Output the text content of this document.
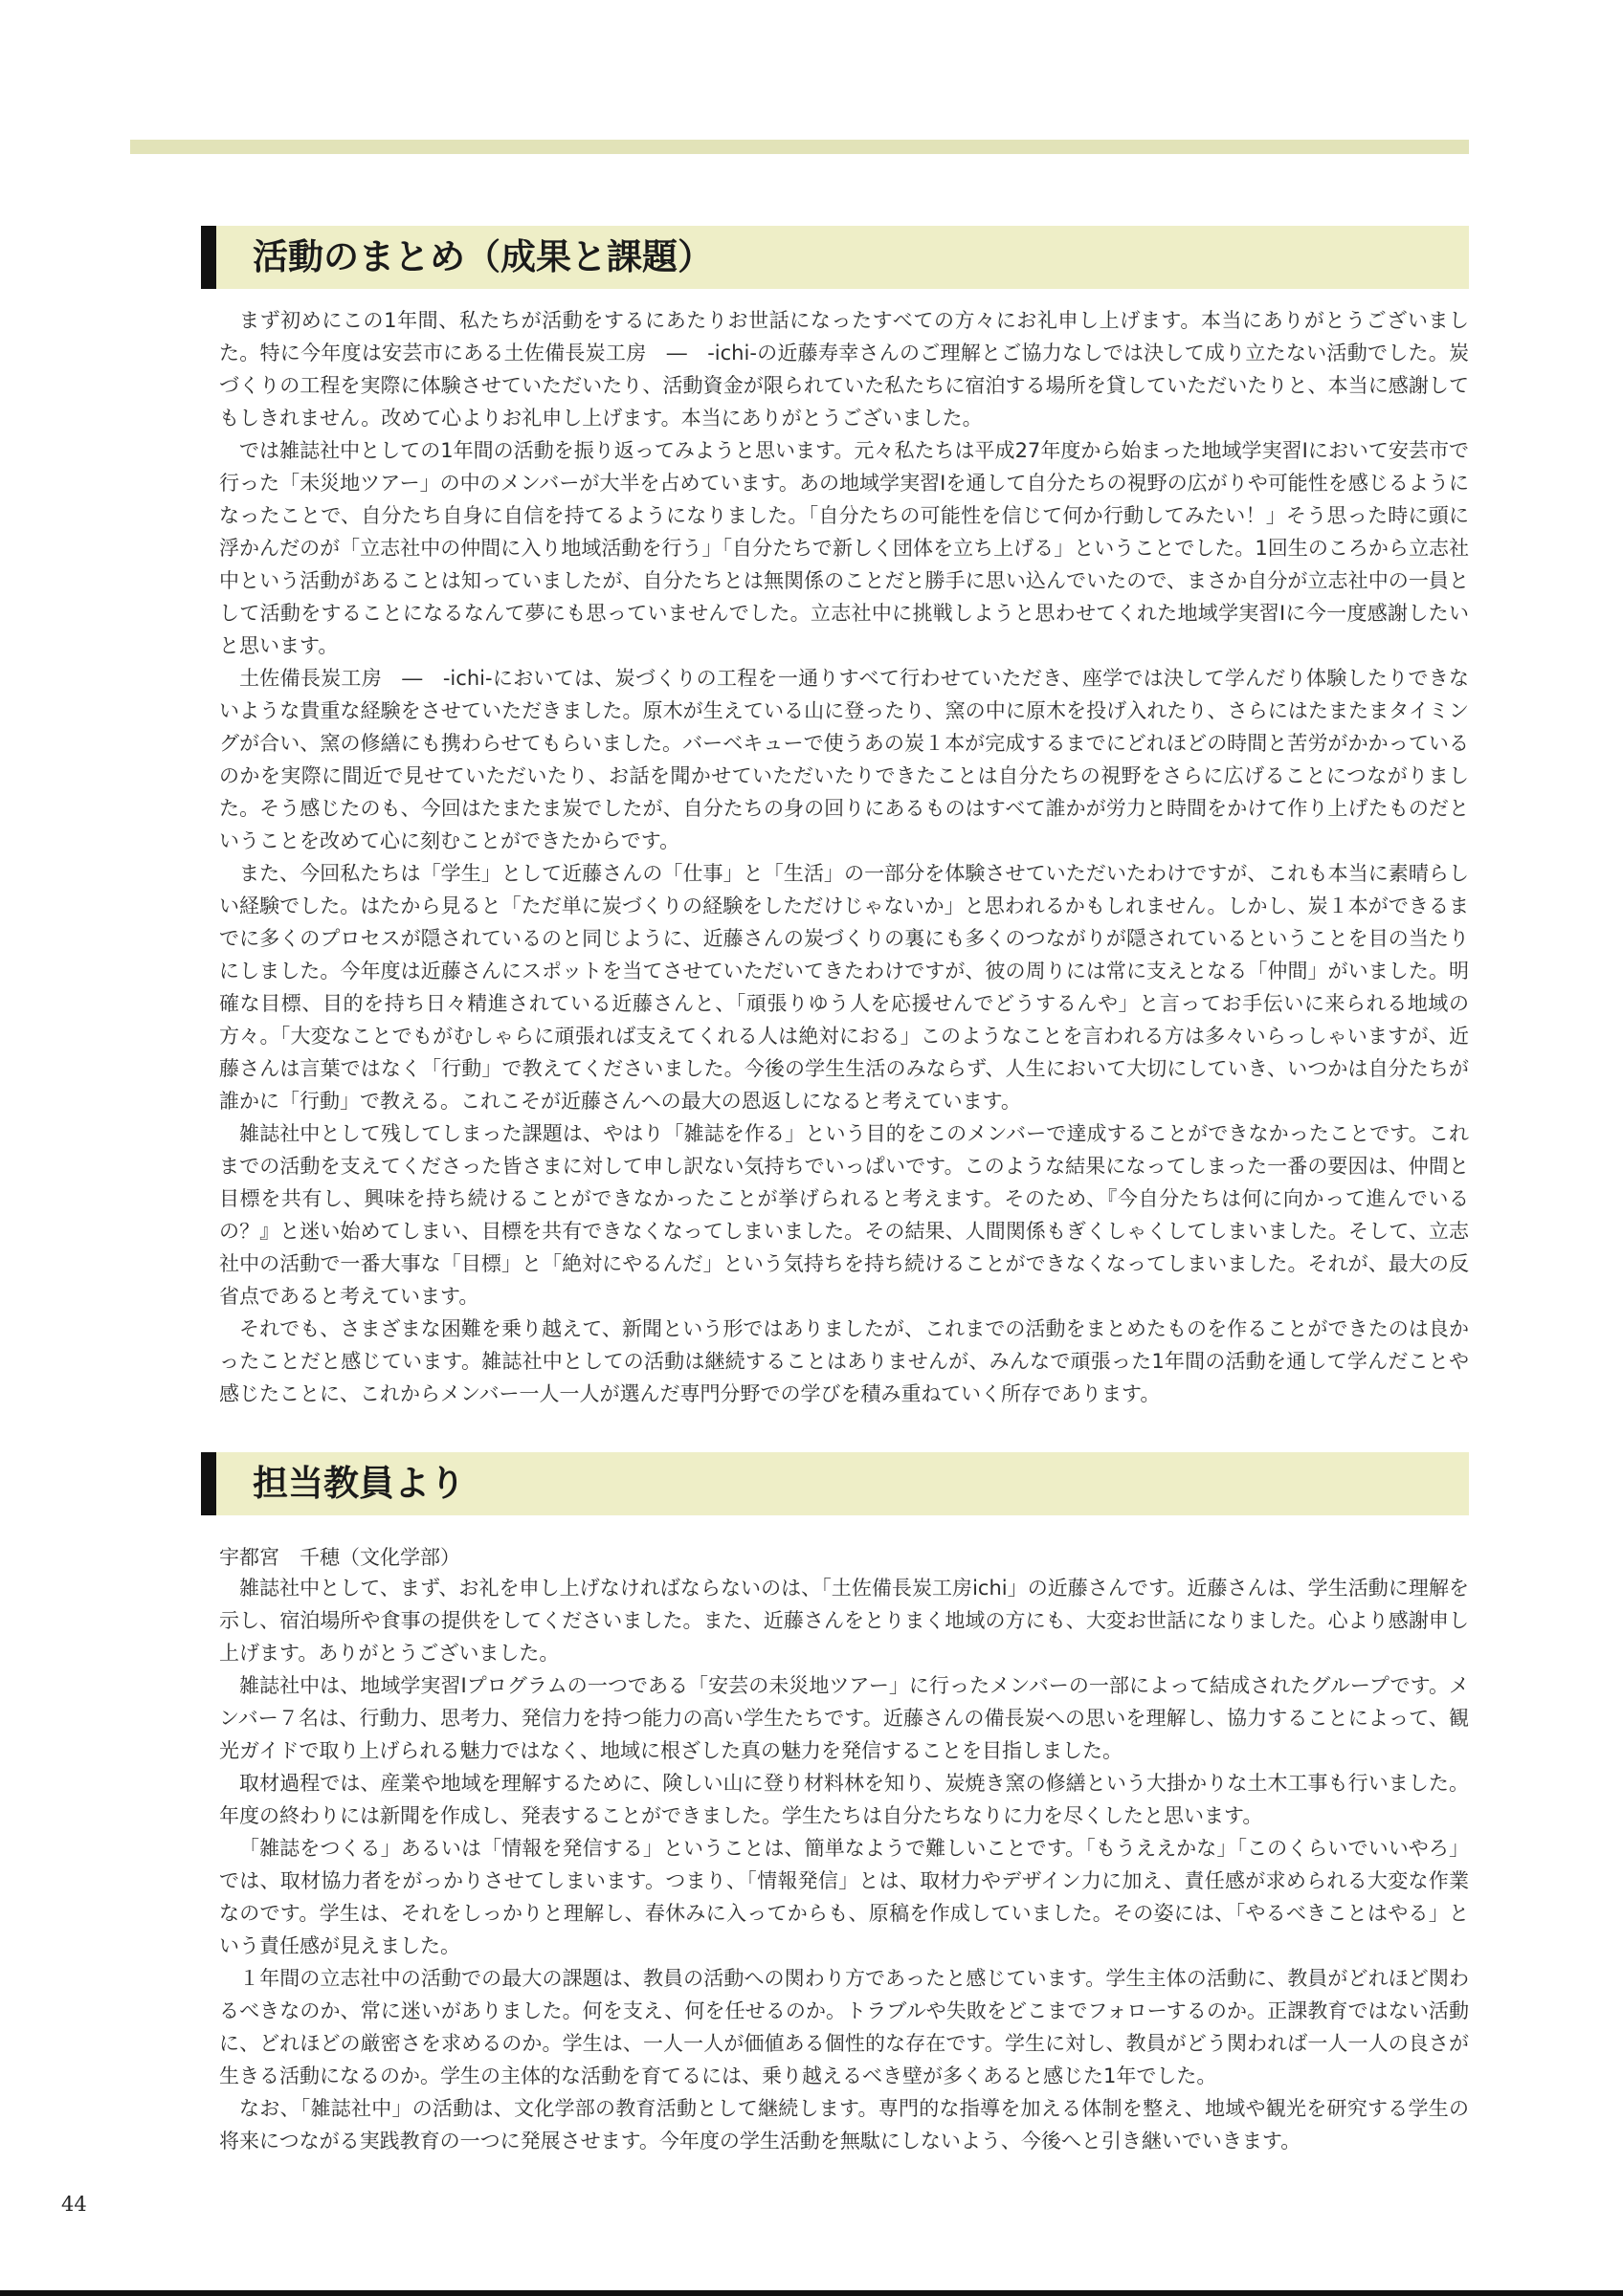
活動のまとめ（成果と課題）

まず初めにこの1年間、私たちが活動をするにあたりお世話になったすべての方々にお礼申し上げます。本当にありがとうございました。特に今年度は安芸市にある土佐備長炭工房　―　-ichi-の近藤寿幸さんのご理解とご協力なしでは決して成り立たない活動でした。炭づくりの工程を実際に体験させていただいたり、活動資金が限られていた私たちに宿泊する場所を貸していただいたりと、本当に感謝してもしきれません。改めて心よりお礼申し上げます。本当にありがとうございました。

では雑誌社中としての1年間の活動を振り返ってみようと思います。元々私たちは平成27年度から始まった地域学実習Ⅰにおいて安芸市で行った「未災地ツアー」の中のメンバーが大半を占めています。あの地域学実習Ⅰを通して自分たちの視野の広がりや可能性を感じるようになったことで、自分たち自身に自信を持てるようになりました。「自分たちの可能性を信じて何か行動してみたい！」そう思った時に頭に浮かんだのが「立志社中の仲間に入り地域活動を行う」「自分たちで新しく団体を立ち上げる」ということでした。1回生のころから立志社中という活動があることは知っていましたが、自分たちとは無関係のことだと勝手に思い込んでいたので、まさか自分が立志社中の一員として活動をすることになるなんて夢にも思っていませんでした。立志社中に挑戦しようと思わせてくれた地域学実習Ⅰに今一度感謝したいと思います。

土佐備長炭工房　―　-ichi-においては、炭づくりの工程を一通りすべて行わせていただき、座学では決して学んだり体験したりできないような貴重な経験をさせていただきました。原木が生えている山に登ったり、窯の中に原木を投げ入れたり、さらにはたまたまタイミングが合い、窯の修繕にも携わらせてもらいました。バーベキューで使うあの炭１本が完成するまでにどれほどの時間と苦労がかかっているのかを実際に間近で見せていただいたり、お話を聞かせていただいたりできたことは自分たちの視野をさらに広げることにつながりました。そう感じたのも、今回はたまたま炭でしたが、自分たちの身の回りにあるものはすべて誰かが労力と時間をかけて作り上げたものだということを改めて心に刻むことができたからです。

また、今回私たちは「学生」として近藤さんの「仕事」と「生活」の一部分を体験させていただいたわけですが、これも本当に素晴らしい経験でした。はたから見ると「ただ単に炭づくりの経験をしただけじゃないか」と思われるかもしれません。しかし、炭１本ができるまでに多くのプロセスが隠されているのと同じように、近藤さんの炭づくりの裏にも多くのつながりが隠されているということを目の当たりにしました。今年度は近藤さんにスポットを当てさせていただいてきたわけですが、彼の周りには常に支えとなる「仲間」がいました。明確な目標、目的を持ち日々精進されている近藤さんと、「頑張りゆう人を応援せんでどうするんや」と言ってお手伝いに来られる地域の方々。「大変なことでもがむしゃらに頑張れば支えてくれる人は絶対におる」このようなことを言われる方は多々いらっしゃいますが、近藤さんは言葉ではなく「行動」で教えてくださいました。今後の学生生活のみならず、人生において大切にしていき、いつかは自分たちが誰かに「行動」で教える。これこそが近藤さんへの最大の恩返しになると考えています。

雑誌社中として残してしまった課題は、やはり「雑誌を作る」という目的をこのメンバーで達成することができなかったことです。これまでの活動を支えてくださった皆さまに対して申し訳ない気持ちでいっぱいです。このような結果になってしまった一番の要因は、仲間と目標を共有し、興味を持ち続けることができなかったことが挙げられると考えます。そのため、『今自分たちは何に向かって進んでいるの？』と迷い始めてしまい、目標を共有できなくなってしまいました。その結果、人間関係もぎくしゃくしてしまいました。そして、立志社中の活動で一番大事な「目標」と「絶対にやるんだ」という気持ちを持ち続けることができなくなってしまいました。それが、最大の反省点であると考えています。

それでも、さまざまな困難を乗り越えて、新聞という形ではありましたが、これまでの活動をまとめたものを作ることができたのは良かったことだと感じています。雑誌社中としての活動は継続することはありませんが、みんなで頑張った1年間の活動を通して学んだことや感じたことに、これからメンバー一人一人が選んだ専門分野での学びを積み重ねていく所存であります。

担当教員より
宇都宮　千穂（文化学部）

雑誌社中として、まず、お礼を申し上げなければならないのは、「土佐備長炭工房ichi」の近藤さんです。近藤さんは、学生活動に理解を示し、宿泊場所や食事の提供をしてくださいました。また、近藤さんをとりまく地域の方にも、大変お世話になりました。心より感謝申し上げます。ありがとうございました。

雑誌社中は、地域学実習Ⅰプログラムの一つである「安芸の未災地ツアー」に行ったメンバーの一部によって結成されたグループです。メンバー７名は、行動力、思考力、発信力を持つ能力の高い学生たちです。近藤さんの備長炭への思いを理解し、協力することによって、観光ガイドで取り上げられる魅力ではなく、地域に根ざした真の魅力を発信することを目指しました。

取材過程では、産業や地域を理解するために、険しい山に登り材料林を知り、炭焼き窯の修繕という大掛かりな土木工事も行いました。年度の終わりには新聞を作成し、発表することができました。学生たちは自分たちなりに力を尽くしたと思います。

「雑誌をつくる」あるいは「情報を発信する」ということは、簡単なようで難しいことです。「もうええかな」「このくらいでいいやろ」では、取材協力者をがっかりさせてしまいます。つまり、「情報発信」とは、取材力やデザイン力に加え、責任感が求められる大変な作業なのです。学生は、それをしっかりと理解し、春休みに入ってからも、原稿を作成していました。その姿には、「やるべきことはやる」という責任感が見えました。

１年間の立志社中の活動での最大の課題は、教員の活動への関わり方であったと感じています。学生主体の活動に、教員がどれほど関わるべきなのか、常に迷いがありました。何を支え、何を任せるのか。トラブルや失敗をどこまでフォローするのか。正課教育ではない活動に、どれほどの厳密さを求めるのか。学生は、一人一人が価値ある個性的な存在です。学生に対し、教員がどう関われば一人一人の良さが生きる活動になるのか。学生の主体的な活動を育てるには、乗り越えるべき壁が多くあると感じた1年でした。

なお、「雑誌社中」の活動は、文化学部の教育活動として継続します。専門的な指導を加える体制を整え、地域や観光を研究する学生の将来につながる実践教育の一つに発展させます。今年度の学生活動を無駄にしないよう、今後へと引き継いでいきます。

44
